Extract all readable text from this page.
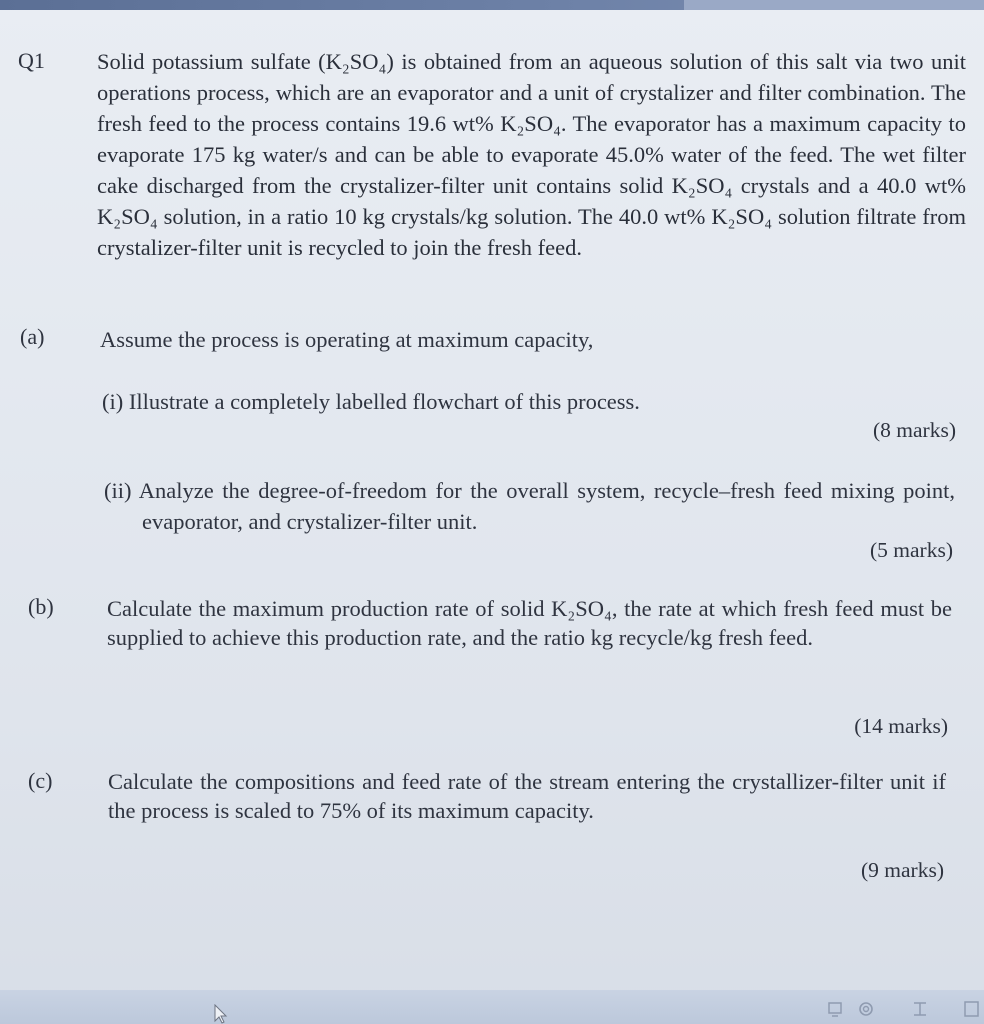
Q1 Solid potassium sulfate (K₂SO₄) is obtained from an aqueous solution of this salt via two unit operations process, which are an evaporator and a unit of crystalizer and filter combination. The fresh feed to the process contains 19.6 wt% K₂SO₄. The evaporator has a maximum capacity to evaporate 175 kg water/s and can be able to evaporate 45.0% water of the feed. The wet filter cake discharged from the crystalizer-filter unit contains solid K₂SO₄ crystals and a 40.0 wt% K₂SO₄ solution, in a ratio 10 kg crystals/kg solution. The 40.0 wt% K₂SO₄ solution filtrate from crystalizer-filter unit is recycled to join the fresh feed.
(a) Assume the process is operating at maximum capacity,
(i) Illustrate a completely labelled flowchart of this process.
(8 marks)
(ii) Analyze the degree-of-freedom for the overall system, recycle–fresh feed mixing point, evaporator, and crystalizer-filter unit.
(5 marks)
(b) Calculate the maximum production rate of solid K₂SO₄, the rate at which fresh feed must be supplied to achieve this production rate, and the ratio kg recycle/kg fresh feed.
(14 marks)
(c) Calculate the compositions and feed rate of the stream entering the crystallizer-filter unit if the process is scaled to 75% of its maximum capacity.
(9 marks)
